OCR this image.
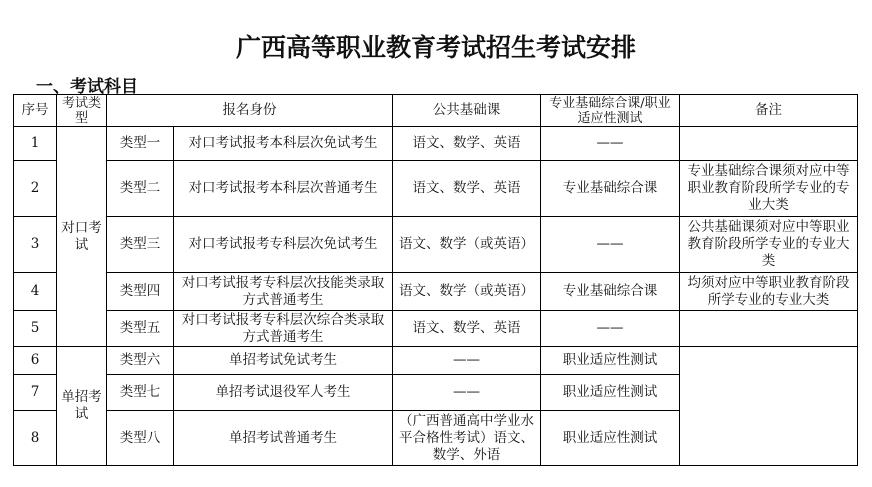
广西高等职业教育考试招生考试安排
一、考试科目
序号	考试类型	报名身份		公共基础课	专业基础综合课/职业适应性测试	备注
1	对口考试	类型一	对口考试报考本科层次免试考生	语文、数学、英语	——	
2		类型二	对口考试报考本科层次普通考生	语文、数学、英语	专业基础综合课	专业基础综合课须对应中等职业教育阶段所学专业的专业大类
3		类型三	对口考试报考专科层次免试考生	语文、数学（或英语）	——	公共基础课须对应中等职业教育阶段所学专业的专业大类
4		类型四	对口考试报考专科层次技能类录取方式普通考生	语文、数学（或英语）	专业基础综合课	均须对应中等职业教育阶段所学专业的专业大类
5		类型五	对口考试报考专科层次综合类录取方式普通考生	语文、数学、英语	——	
6	单招考试	类型六	单招考试免试考生	——	职业适应性测试	
7		类型七	单招考试退役军人考生	——	职业适应性测试	
8		类型八	单招考试普通考生	（广西普通高中学业水平合格性考试）语文、数学、外语	职业适应性测试	
